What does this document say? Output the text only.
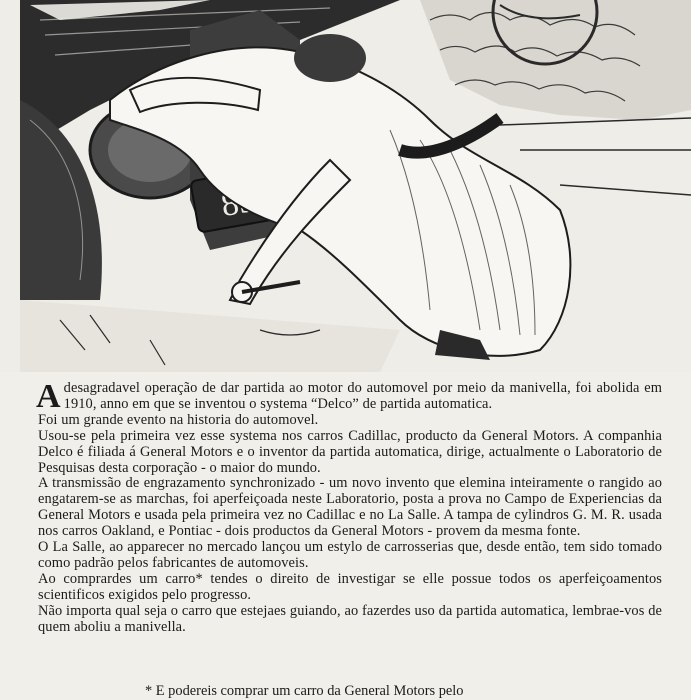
Adesagradavel operação de dar partida ao motor do automovel por meio da manivella, foi abolida em 1910, anno em que se inventou o systema “Delco” de partida automatica.

Foi um grande evento na historia do automovel.

Usou-se pela primeira vez esse systema nos carros Cadillac, producto da General Motors. A companhia Delco é filiada á General Motors e o inventor da partida automatica, dirige, actualmente o Laboratorio de Pesquisas desta corporação - o maior do mundo.

A transmissão de engrazamento synchronizado - um novo invento que elemina inteiramente o rangido ao engatarem-se as marchas, foi aperfeiçoada neste Laboratorio, posta a prova no Campo de Experiencias da General Motors e usada pela primeira vez no Cadillac e no La Salle. A tampa de cylindros G. M. R. usada nos carros Oakland, e Pontiac - dois productos da General Motors - provem da mesma fonte.

O La Salle, ao apparecer no mercado lançou um estylo de carrosserias que, desde então, tem sido tomado como padrão pelos fabricantes de automoveis.

Ao comprardes um carro* tendes o direito de investigar se elle possue todos os aperfeiçoamentos scientificos exigidos pelo progresso.

Não importa qual seja o carro que estejaes guiando, ao fazerdes uso da partida automatica, lembrae-vos de quem aboliu a manivella.

* E podereis comprar um carro da General Motors pelo
